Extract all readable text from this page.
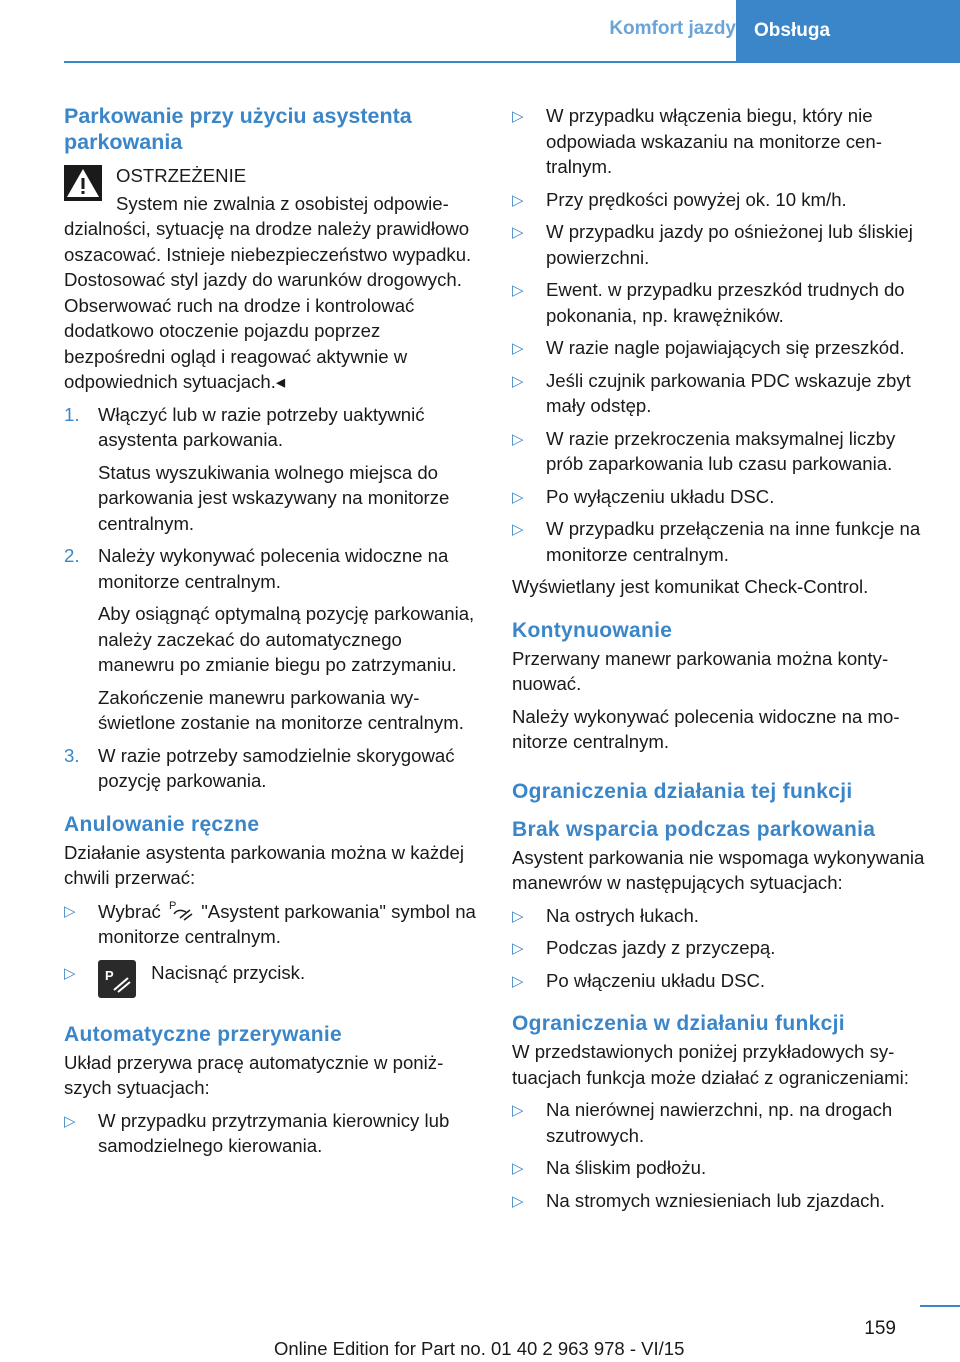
Komfort jazdy Obsługa
Parkowanie przy użyciu asystenta parkowania

OSTRZEŻENIE

System nie zwalnia z osobistej odpowiedzialności, sytuację na drodze należy prawidłowo oszacować. Istnieje niebezpieczeństwo wypadku. Dostosować styl jazdy do warunków drogowych. Obserwować ruch na drodze i kontrolować dodatkowo otoczenie pojazdu poprzez bezpośredni ogląd i reagować aktywnie w odpowiednich sytuacjach.◂

1. Włączyć lub w razie potrzeby uaktywnić asystenta parkowania.
Status wyszukiwania wolnego miejsca do parkowania jest wskazywany na monitorze centralnym.
2. Należy wykonywać polecenia widoczne na monitorze centralnym.
Aby osiągnąć optymalną pozycję parkowania, należy zaczekać do automatycznego manewru po zmianie biegu po zatrzymaniu.
Zakończenie manewru parkowania wyświetlone zostanie na monitorze centralnym.
3. W razie potrzeby samodzielnie skorygować pozycję parkowania.
Anulowanie ręczne

Działanie asystenta parkowania można w każdej chwili przerwać:

▷ Wybrać P "Asystent parkowania" symbol na monitorze centralnym.
▷ P Nacisnąć przycisk.
Automatyczne przerywanie

Układ przerywa pracę automatycznie w poniższych sytuacjach:

▷ W przypadku przytrzymania kierownicy lub samodzielnego kierowania.
▷ W przypadku włączenia biegu, który nie odpowiada wskazaniu na monitorze centralnym.
▷ Przy prędkości powyżej ok. 10 km/h.
▷ W przypadku jazdy po ośnieżonej lub śliskiej powierzchni.
▷ Ewent. w przypadku przeszkód trudnych do pokonania, np. krawężników.
▷ W razie nagle pojawiających się przeszkód.
▷ Jeśli czujnik parkowania PDC wskazuje zbyt mały odstęp.
▷ W razie przekroczenia maksymalnej liczby prób zaparkowania lub czasu parkowania.
▷ Po wyłączeniu układu DSC.
▷ W przypadku przełączenia na inne funkcje na monitorze centralnym.

Wyświetlany jest komunikat Check-Control.

Kontynuowanie

Przerwany manewr parkowania można kontynuować.

Należy wykonywać polecenia widoczne na monitorze centralnym.

Ograniczenia działania tej funkcji
Brak wsparcia podczas parkowania

Asystent parkowania nie wspomaga wykonywania manewrów w następujących sytuacjach:

▷ Na ostrych łukach.
▷ Podczas jazdy z przyczepą.
▷ Po włączeniu układu DSC.
Ograniczenia w działaniu funkcji

W przedstawionych poniżej przykładowych sytuacjach funkcja może działać z ograniczeniami:

▷ Na nierównej nawierzchni, np. na drogach szutrowych.
▷ Na śliskim podłożu.
▷ Na stromych wzniesieniach lub zjazdach.
159
Online Edition for Part no. 01 40 2 963 978 - VI/15
